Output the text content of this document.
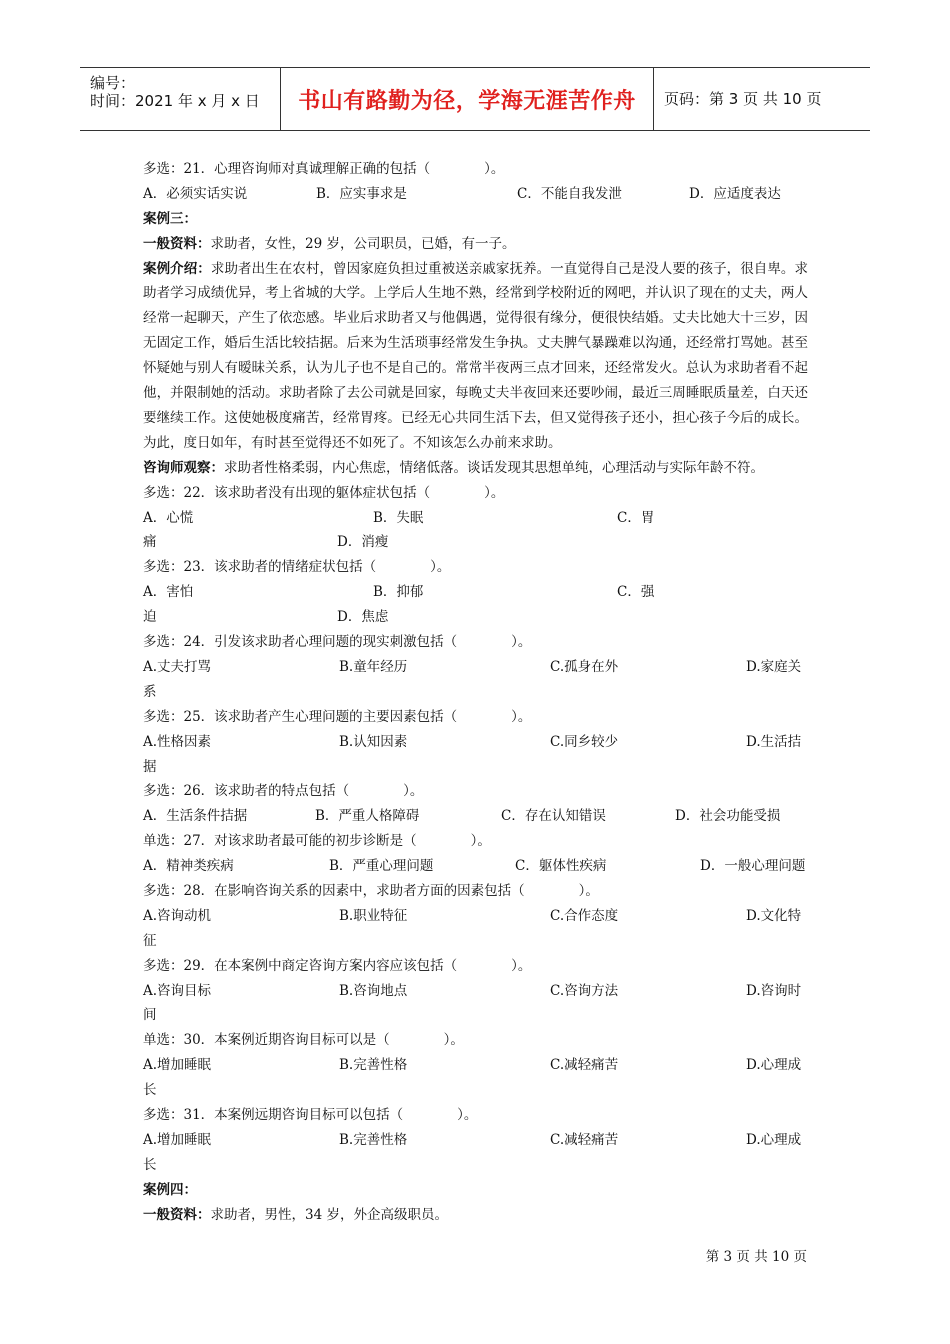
编号：
时间：2021 年 x 月 x 日	书山有路勤为径，学海无涯苦作舟	页码：第 3 页 共 10 页
多选：21．心理咨询师对真诚理解正确的包括（　　　　）。
A．必须实话实说	B．应实事求是	C．不能自我发泄	D．应适度表达
案例三：
一般资料：求助者，女性，29 岁，公司职员，已婚，有一子。
案例介绍：求助者出生在农村，曾因家庭负担过重被送亲戚家抚养。一直觉得自己是没人要的孩子，很自卑。求助者学习成绩优异，考上省城的大学。上学后人生地不熟，经常到学校附近的网吧，并认识了现在的丈夫，两人经常一起聊天，产生了依恋感。毕业后求助者又与他偶遇，觉得很有缘分，便很快结婚。丈夫比她大十三岁，因无固定工作，婚后生活比较拮据。后来为生活琐事经常发生争执。丈夫脾气暴躁难以沟通，还经常打骂她。甚至怀疑她与别人有暧昧关系，认为儿子也不是自己的。常常半夜两三点才回来，还经常发火。总认为求助者看不起他，并限制她的活动。求助者除了去公司就是回家，每晚丈夫半夜回来还要吵闹，最近三周睡眠质量差，白天还要继续工作。这使她极度痛苦，经常胃疼。已经无心共同生活下去，但又觉得孩子还小，担心孩子今后的成长。为此，度日如年，有时甚至觉得还不如死了。不知该怎么办前来求助。
咨询师观察：求助者性格柔弱，内心焦虑，情绪低落。谈话发现其思想单纯，心理活动与实际年龄不符。
多选：22．该求助者没有出现的躯体症状包括（　　　　）。
A．心慌	B．失眠	C．胃
痛	D．消瘦
多选：23．该求助者的情绪症状包括（　　　　）。
A．害怕	B．抑郁	C．强
迫	D．焦虑
多选：24．引发该求助者心理问题的现实刺激包括（　　　　）。
A.丈夫打骂	B.童年经历	C.孤身在外	D.家庭关
系
多选：25．该求助者产生心理问题的主要因素包括（　　　　）。
A.性格因素	B.认知因素	C.同乡较少	D.生活拮
据
多选：26．该求助者的特点包括（　　　　）。
A．生活条件拮据	B．严重人格障碍	C．存在认知错误	D．社会功能受损
单选：27．对该求助者最可能的初步诊断是（　　　　）。
A．精神类疾病	B．严重心理问题	C．躯体性疾病	D．一般心理问题
多选：28．在影响咨询关系的因素中，求助者方面的因素包括（　　　　）。
A.咨询动机	B.职业特征	C.合作态度	D.文化特
征
多选：29．在本案例中商定咨询方案内容应该包括（　　　　）。
A.咨询目标	B.咨询地点	C.咨询方法	D.咨询时
间
单选：30．本案例近期咨询目标可以是（　　　　）。
A.增加睡眠	B.完善性格	C.减轻痛苦	D.心理成
长
多选：31．本案例远期咨询目标可以包括（　　　　）。
A.增加睡眠	B.完善性格	C.减轻痛苦	D.心理成
长
案例四：
一般资料：求助者，男性，34 岁，外企高级职员。
第 3 页 共 10 页
